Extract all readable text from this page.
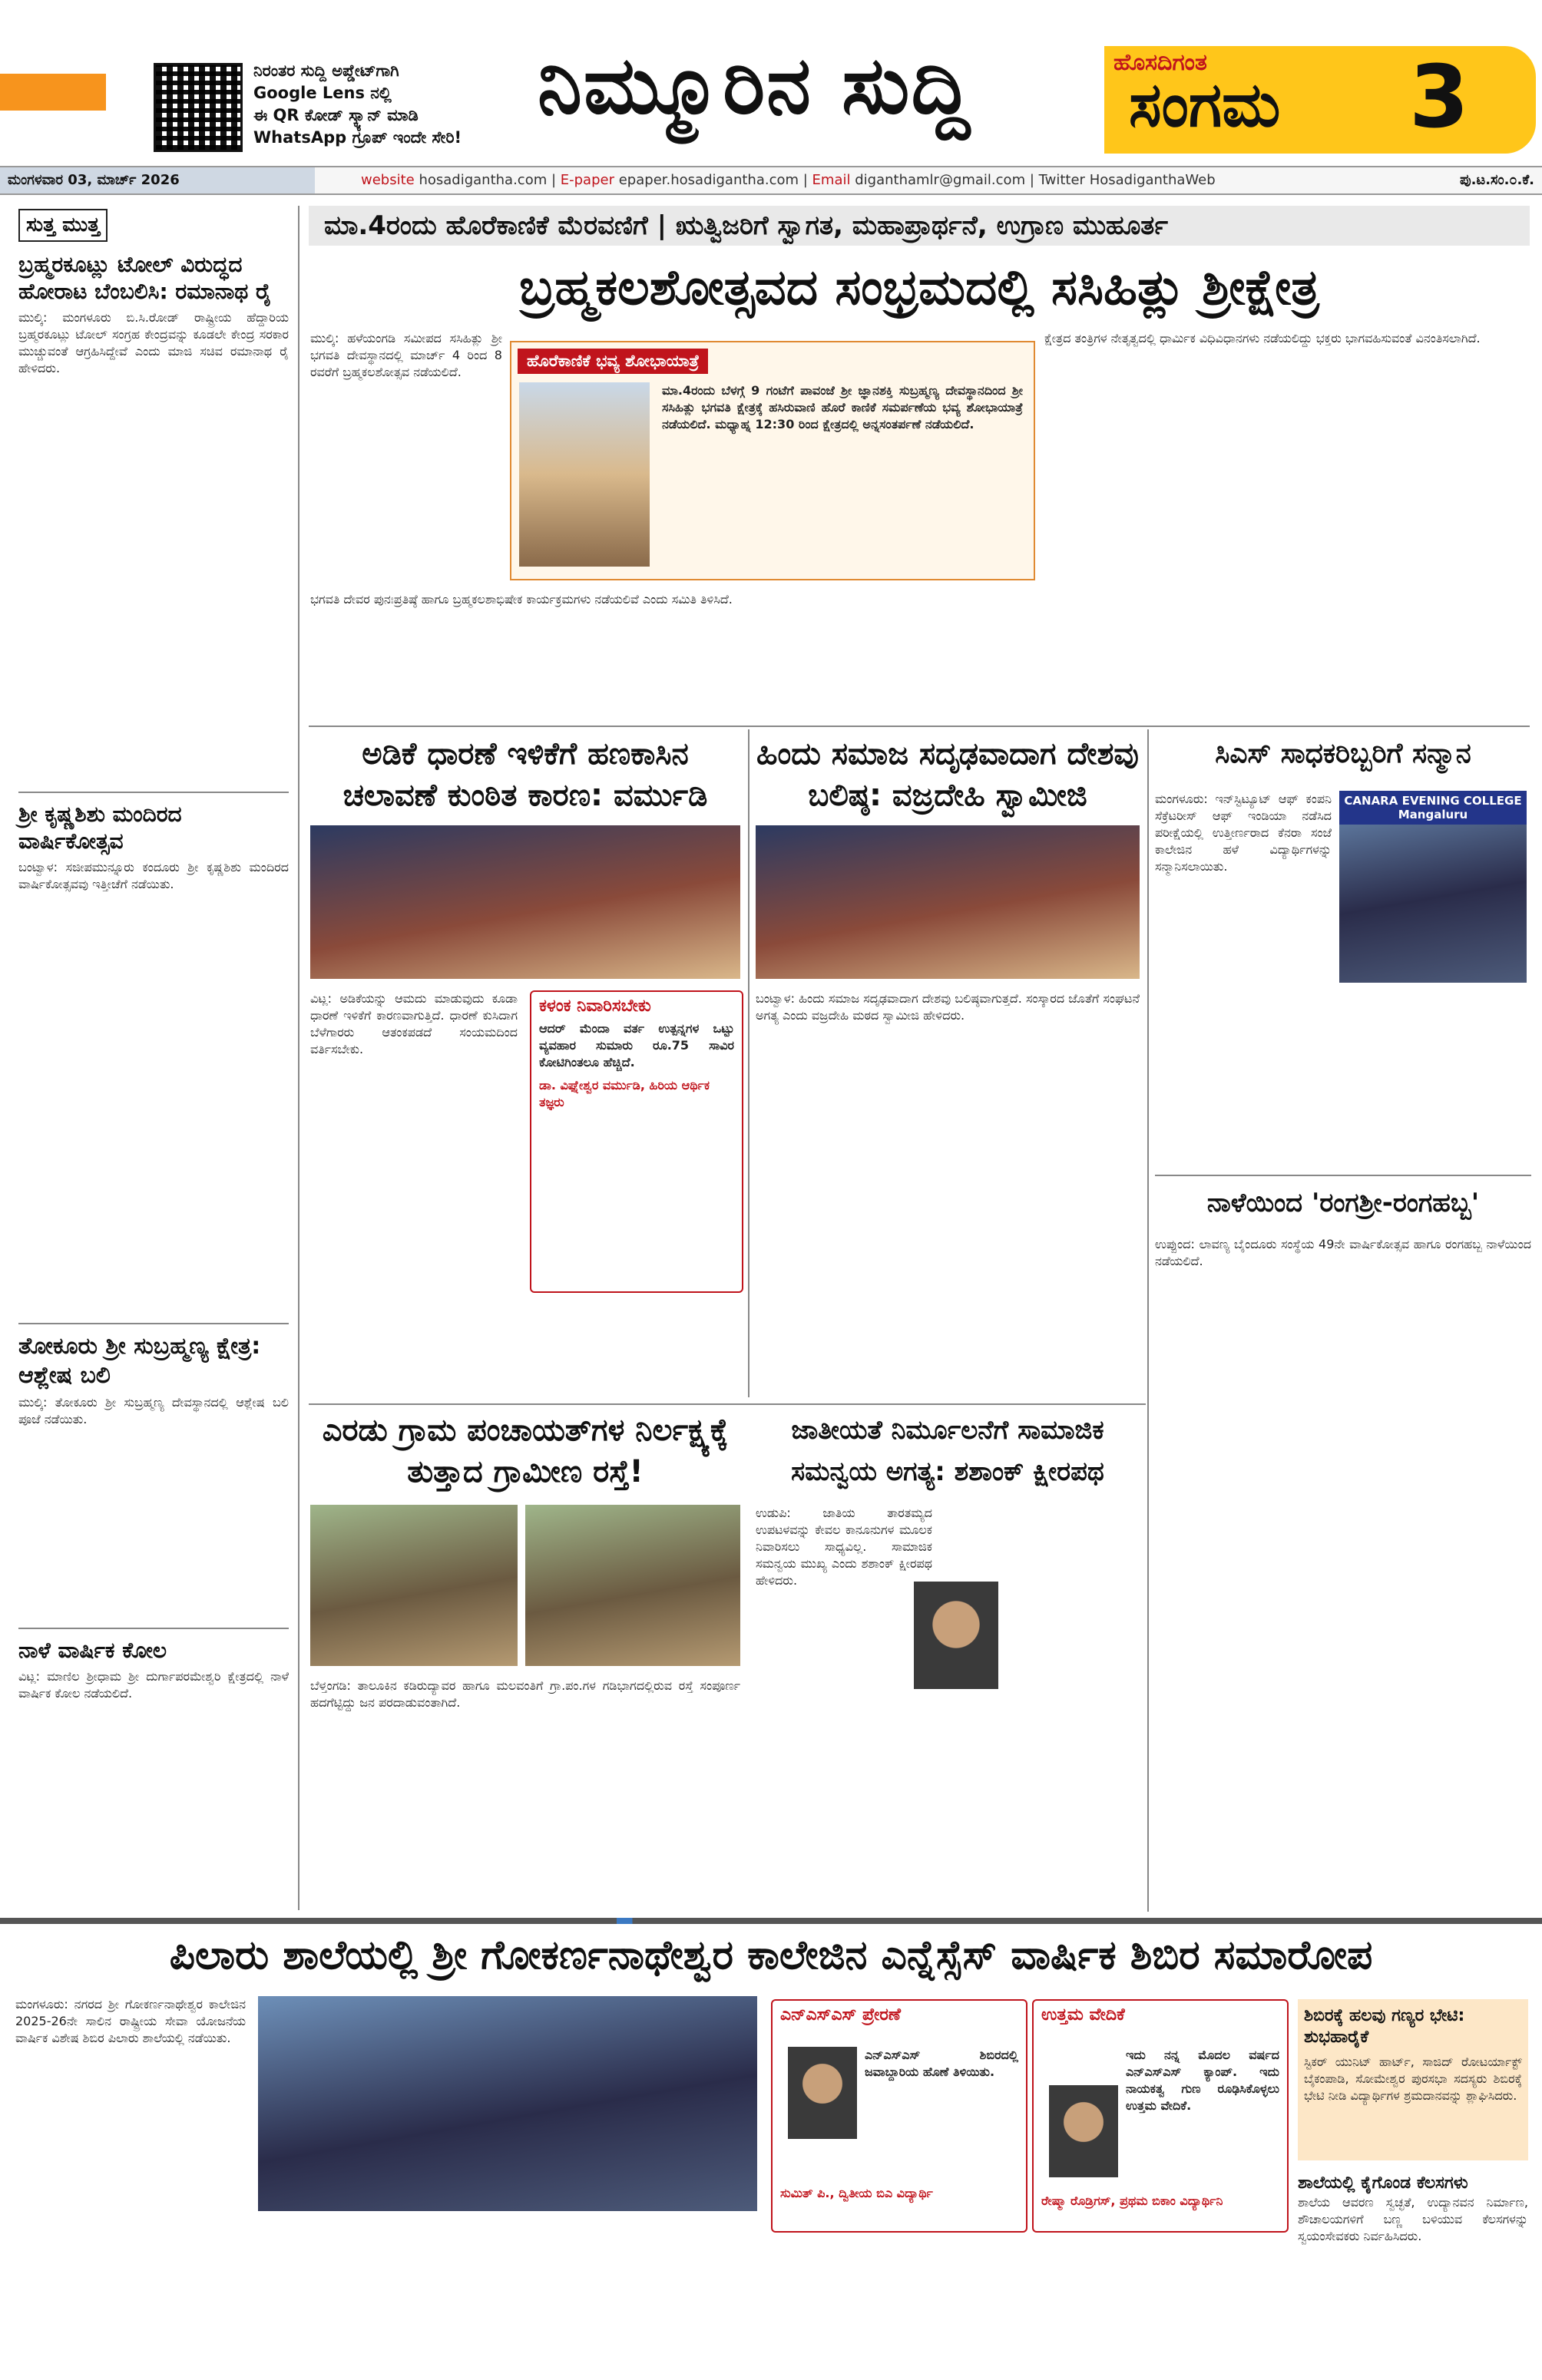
ನಿರಂತರ ಸುದ್ದಿ ಅಪ್ಡೇಟ್‌ಗಾಗಿ
Google Lens ನಲ್ಲಿ
ಈ QR ಕೋಡ್ ಸ್ಕ್ಯಾನ್ ಮಾಡಿ
WhatsApp ಗ್ರೂಪ್ ಇಂದೇ ಸೇರಿ!
ನಿಮ್ಮೂರಿನ ಸುದ್ದಿ	ಹೊಸದಿಗಂತ
ಸಂಗಮ 3
ಮಂಗಳವಾರ 03, ಮಾರ್ಚ್ 2026	website hosadigantha.com | E-paper epaper.hosadigantha.com | Email diganthamlr@gmail.com | Twitter HosadiganthaWeb	ಪು.ಟ.ಸಂ.೦.ಕೆ.
ಸುತ್ತ ಮುತ್ತ
ಬ್ರಹ್ಮರಕೂಟ್ಲು ಟೋಲ್ ವಿರುದ್ಧದ ಹೋರಾಟ ಬೆಂಬಲಿಸಿ: ರಮಾನಾಥ ರೈ
ಮುಲ್ಕಿ: ಮಂಗಳೂರು ಬಿ.ಸಿ.ರೋಡ್ ರಾಷ್ಟ್ರೀಯ ಹೆದ್ದಾರಿಯ ಬ್ರಹ್ಮರಕೂಟ್ಲು ಟೋಲ್ ಸಂಗ್ರಹ ಕೇಂದ್ರವನ್ನು ಕೂಡಲೇ ಕೇಂದ್ರ ಸರಕಾರ ಮುಚ್ಚುವಂತೆ ಆಗ್ರಹಿಸಿದ್ದೇವೆ ಎಂದು ಮಾಜಿ ಸಚಿವ ರಮಾನಾಥ ರೈ ಹೇಳಿದರು.
ಶ್ರೀ ಕೃಷ್ಣಶಿಶು ಮಂದಿರದ ವಾರ್ಷಿಕೋತ್ಸವ
ಬಂಟ್ವಾಳ: ಸಜೀಪಮುನ್ನೂರು ಕಂದೂರು ಶ್ರೀ ಕೃಷ್ಣಶಿಶು ಮಂದಿರದ ವಾರ್ಷಿಕೋತ್ಸವವು ಇತ್ತೀಚೆಗೆ ನಡೆಯಿತು.
ತೋಕೂರು ಶ್ರೀ ಸುಬ್ರಹ್ಮಣ್ಯ ಕ್ಷೇತ್ರ: ಆಶ್ಲೇಷ ಬಲಿ
ಮುಲ್ಕಿ: ತೋಕೂರು ಶ್ರೀ ಸುಬ್ರಹ್ಮಣ್ಯ ದೇವಸ್ಥಾನದಲ್ಲಿ ಆಶ್ಲೇಷ ಬಲಿ ಪೂಜೆ ನಡೆಯಿತು.
ನಾಳೆ ವಾರ್ಷಿಕ ಕೋಲ
ವಿಟ್ಲ: ಮಾಣಿಲ ಶ್ರೀಧಾಮ ಶ್ರೀ ದುರ್ಗಾಪರಮೇಶ್ವರಿ ಕ್ಷೇತ್ರದಲ್ಲಿ ನಾಳೆ ವಾರ್ಷಿಕ ಕೋಲ ನಡೆಯಲಿದೆ.
ಮಾ.4ರಂದು ಹೊರೆಕಾಣಿಕೆ ಮೆರವಣಿಗೆ | ಋತ್ವಿಜರಿಗೆ ಸ್ವಾಗತ, ಮಹಾಪ್ರಾರ್ಥನೆ, ಉಗ್ರಾಣ ಮುಹೂರ್ತ
ಬ್ರಹ್ಮಕಲಶೋತ್ಸವದ ಸಂಭ್ರಮದಲ್ಲಿ ಸಸಿಹಿತ್ಲು ಶ್ರೀಕ್ಷೇತ್ರ
ಮುಲ್ಕಿ: ಹಳೆಯಂಗಡಿ ಸಮೀಪದ ಸಸಿಹಿತ್ಲು ಶ್ರೀ ಭಗವತಿ ದೇವಸ್ಥಾನದಲ್ಲಿ ಮಾರ್ಚ್ 4 ರಿಂದ 8 ರವರೆಗೆ ಬ್ರಹ್ಮಕಲಶೋತ್ಸವ ನಡೆಯಲಿದೆ.
ಹೊರೆಕಾಣಿಕೆ ಭವ್ಯ ಶೋಭಾಯಾತ್ರೆ
ಮಾ.4ರಂದು ಬೆಳಗ್ಗೆ 9 ಗಂಟೆಗೆ ಪಾವಂಜೆ ಶ್ರೀ ಜ್ಞಾನಶಕ್ತಿ ಸುಬ್ರಹ್ಮಣ್ಯ ದೇವಸ್ಥಾನದಿಂದ ಶ್ರೀ ಸಸಿಹಿತ್ಲು ಭಗವತಿ ಕ್ಷೇತ್ರಕ್ಕೆ ಹಸಿರುವಾಣಿ ಹೊರೆ ಕಾಣಿಕೆ ಸಮರ್ಪಣೆಯ ಭವ್ಯ ಶೋಭಾಯಾತ್ರೆ ನಡೆಯಲಿದೆ. ಮಧ್ಯಾಹ್ನ 12:30 ರಿಂದ ಕ್ಷೇತ್ರದಲ್ಲಿ ಅನ್ನಸಂತರ್ಪಣೆ ನಡೆಯಲಿದೆ.
ಭಗವತಿ ದೇವರ ಪುನಃಪ್ರತಿಷ್ಠೆ ಹಾಗೂ ಬ್ರಹ್ಮಕಲಶಾಭಿಷೇಕ ಕಾರ್ಯಕ್ರಮಗಳು ನಡೆಯಲಿವೆ ಎಂದು ಸಮಿತಿ ತಿಳಿಸಿದೆ.
ಕ್ಷೇತ್ರದ ತಂತ್ರಿಗಳ ನೇತೃತ್ವದಲ್ಲಿ ಧಾರ್ಮಿಕ ವಿಧಿವಿಧಾನಗಳು ನಡೆಯಲಿದ್ದು ಭಕ್ತರು ಭಾಗವಹಿಸುವಂತೆ ವಿನಂತಿಸಲಾಗಿದೆ.
ಅಡಿಕೆ ಧಾರಣೆ ಇಳಿಕೆಗೆ ಹಣಕಾಸಿನ ಚಲಾವಣೆ ಕುಂಠಿತ ಕಾರಣ: ವರ್ಮುಡಿ
ವಿಟ್ಲ: ಅಡಿಕೆಯನ್ನು ಆಮದು ಮಾಡುವುದು ಕೂಡಾ ಧಾರಣೆ ಇಳಿಕೆಗೆ ಕಾರಣವಾಗುತ್ತಿದೆ. ಧಾರಣೆ ಕುಸಿದಾಗ ಬೆಳೆಗಾರರು ಆತಂಕಪಡದೆ ಸಂಯಮದಿಂದ ವರ್ತಿಸಬೇಕು.
ಕಳಂಕ ನಿವಾರಿಸಬೇಕು
ಆದರ್ ಮೆಂದಾ ವರ್ತ ಉತ್ಪನ್ನಗಳ ಒಟ್ಟು ವ್ಯವಹಾರ ಸುಮಾರು ರೂ.75 ಸಾವಿರ ಕೋಟಿಗಿಂತಲೂ ಹೆಚ್ಚಿದೆ.
ಡಾ. ವಿಘ್ನೇಶ್ವರ ವರ್ಮುಡಿ, ಹಿರಿಯ ಆರ್ಥಿಕ ತಜ್ಞರು
ಹಿಂದು ಸಮಾಜ ಸದೃಢವಾದಾಗ ದೇಶವು ಬಲಿಷ್ಠ: ವಜ್ರದೇಹಿ ಸ್ವಾಮೀಜಿ
ಬಂಟ್ವಾಳ: ಹಿಂದು ಸಮಾಜ ಸದೃಢವಾದಾಗ ದೇಶವು ಬಲಿಷ್ಠವಾಗುತ್ತದೆ. ಸಂಸ್ಕಾರದ ಜೊತೆಗೆ ಸಂಘಟನೆ ಅಗತ್ಯ ಎಂದು ವಜ್ರದೇಹಿ ಮಠದ ಸ್ವಾಮೀಜಿ ಹೇಳಿದರು.
ಸಿಎಸ್ ಸಾಧಕರಿಬ್ಬರಿಗೆ ಸನ್ಮಾನ
ಮಂಗಳೂರು: ಇನ್‌ಸ್ಟಿಟ್ಯೂಟ್ ಆಫ್ ಕಂಪನಿ ಸೆಕ್ರೆಟರೀಸ್ ಆಫ್ ಇಂಡಿಯಾ ನಡೆಸಿದ ಪರೀಕ್ಷೆಯಲ್ಲಿ ಉತ್ತೀರ್ಣರಾದ ಕೆನರಾ ಸಂಜೆ ಕಾಲೇಜಿನ ಹಳೆ ವಿದ್ಯಾರ್ಥಿಗಳನ್ನು ಸನ್ಮಾನಿಸಲಾಯಿತು.
CANARA EVENING COLLEGE Mangaluru
ನಾಳೆಯಿಂದ 'ರಂಗಶ್ರೀ-ರಂಗಹಬ್ಬ'
ಉಪ್ಪುಂದ: ಲಾವಣ್ಯ ಬೈಂದೂರು ಸಂಸ್ಥೆಯ 49ನೇ ವಾರ್ಷಿಕೋತ್ಸವ ಹಾಗೂ ರಂಗಹಬ್ಬ ನಾಳೆಯಿಂದ ನಡೆಯಲಿದೆ.
ಎರಡು ಗ್ರಾಮ ಪಂಚಾಯತ್‌ಗಳ ನಿರ್ಲಕ್ಷ್ಯಕ್ಕೆ ತುತ್ತಾದ ಗ್ರಾಮೀಣ ರಸ್ತೆ!
ಬೆಳ್ತಂಗಡಿ: ತಾಲೂಕಿನ ಕಡಿರುದ್ಯಾವರ ಹಾಗೂ ಮಲವಂತಿಗೆ ಗ್ರಾ.ಪಂ.ಗಳ ಗಡಿಭಾಗದಲ್ಲಿರುವ ರಸ್ತೆ ಸಂಪೂರ್ಣ ಹದಗೆಟ್ಟಿದ್ದು ಜನ ಪರದಾಡುವಂತಾಗಿದೆ.
ಜಾತೀಯತೆ ನಿರ್ಮೂಲನೆಗೆ ಸಾಮಾಜಿಕ ಸಮನ್ವಯ ಅಗತ್ಯ: ಶಶಾಂಕ್ ಕ್ಷೀರಪಥ
ಉಡುಪಿ: ಜಾತಿಯ ತಾರತಮ್ಯದ ಉಪಟಳವನ್ನು ಕೇವಲ ಕಾನೂನುಗಳ ಮೂಲಕ ನಿವಾರಿಸಲು ಸಾಧ್ಯವಿಲ್ಲ. ಸಾಮಾಜಿಕ ಸಮನ್ವಯ ಮುಖ್ಯ ಎಂದು ಶಶಾಂಕ್ ಕ್ಷೀರಪಥ ಹೇಳಿದರು.
ಪಿಲಾರು ಶಾಲೆಯಲ್ಲಿ ಶ್ರೀ ಗೋಕರ್ಣನಾಥೇಶ್ವರ ಕಾಲೇಜಿನ ಎನ್ನೆಸ್ಸೆಸ್ ವಾರ್ಷಿಕ ಶಿಬಿರ ಸಮಾರೋಪ
ಮಂಗಳೂರು: ನಗರದ ಶ್ರೀ ಗೋಕರ್ಣನಾಥೇಶ್ವರ ಕಾಲೇಜಿನ 2025-26ನೇ ಸಾಲಿನ ರಾಷ್ಟ್ರೀಯ ಸೇವಾ ಯೋಜನೆಯ ವಾರ್ಷಿಕ ವಿಶೇಷ ಶಿಬಿರ ಪಿಲಾರು ಶಾಲೆಯಲ್ಲಿ ನಡೆಯಿತು.
ಎನ್ಎಸ್ಎಸ್ ಪ್ರೇರಣೆ
ಎನ್ಎಸ್ಎಸ್ ಶಿಬಿರದಲ್ಲಿ ಜವಾಬ್ದಾರಿಯ ಹೊಣೆ ತಿಳಿಯಿತು.
ಸುಮಿತ್ ಪಿ., ದ್ವಿತೀಯ ಬಿಎ ವಿದ್ಯಾರ್ಥಿ
ಉತ್ತಮ ವೇದಿಕೆ
ಇದು ನನ್ನ ಮೊದಲ ವರ್ಷದ ಎನ್ಎಸ್ಎಸ್ ಕ್ಯಾಂಪ್. ಇದು ನಾಯಕತ್ವ ಗುಣ ರೂಢಿಸಿಕೊಳ್ಳಲು ಉತ್ತಮ ವೇದಿಕೆ.
ರೇಷ್ಮಾ ರೊಡ್ರಿಗಸ್, ಪ್ರಥಮ ಬಿಕಾಂ ವಿದ್ಯಾರ್ಥಿನಿ
ಶಿಬಿರಕ್ಕೆ ಹಲವು ಗಣ್ಯರ ಭೇಟಿ: ಶುಭಹಾರೈಕೆ
ಸ್ಟಿಕರ್ ಯುನಿಟ್ ಹಾರ್ಟ್, ಸಾಜಿದ್ ರೋಟರ್ಯಾಕ್ಟ್ ಬೈಕಂಪಾಡಿ, ಸೋಮೇಶ್ವರ ಪುರಸಭಾ ಸದಸ್ಯರು ಶಿಬಿರಕ್ಕೆ ಭೇಟಿ ನೀಡಿ ವಿದ್ಯಾರ್ಥಿಗಳ ಶ್ರಮದಾನವನ್ನು ಶ್ಲಾಘಿಸಿದರು.
ಶಾಲೆಯಲ್ಲಿ ಕೈಗೊಂಡ ಕೆಲಸಗಳು
ಶಾಲೆಯ ಆವರಣ ಸ್ವಚ್ಛತೆ, ಉದ್ಯಾನವನ ನಿರ್ಮಾಣ, ಶೌಚಾಲಯಗಳಿಗೆ ಬಣ್ಣ ಬಳಿಯುವ ಕೆಲಸಗಳನ್ನು ಸ್ವಯಂಸೇವಕರು ನಿರ್ವಹಿಸಿದರು.
